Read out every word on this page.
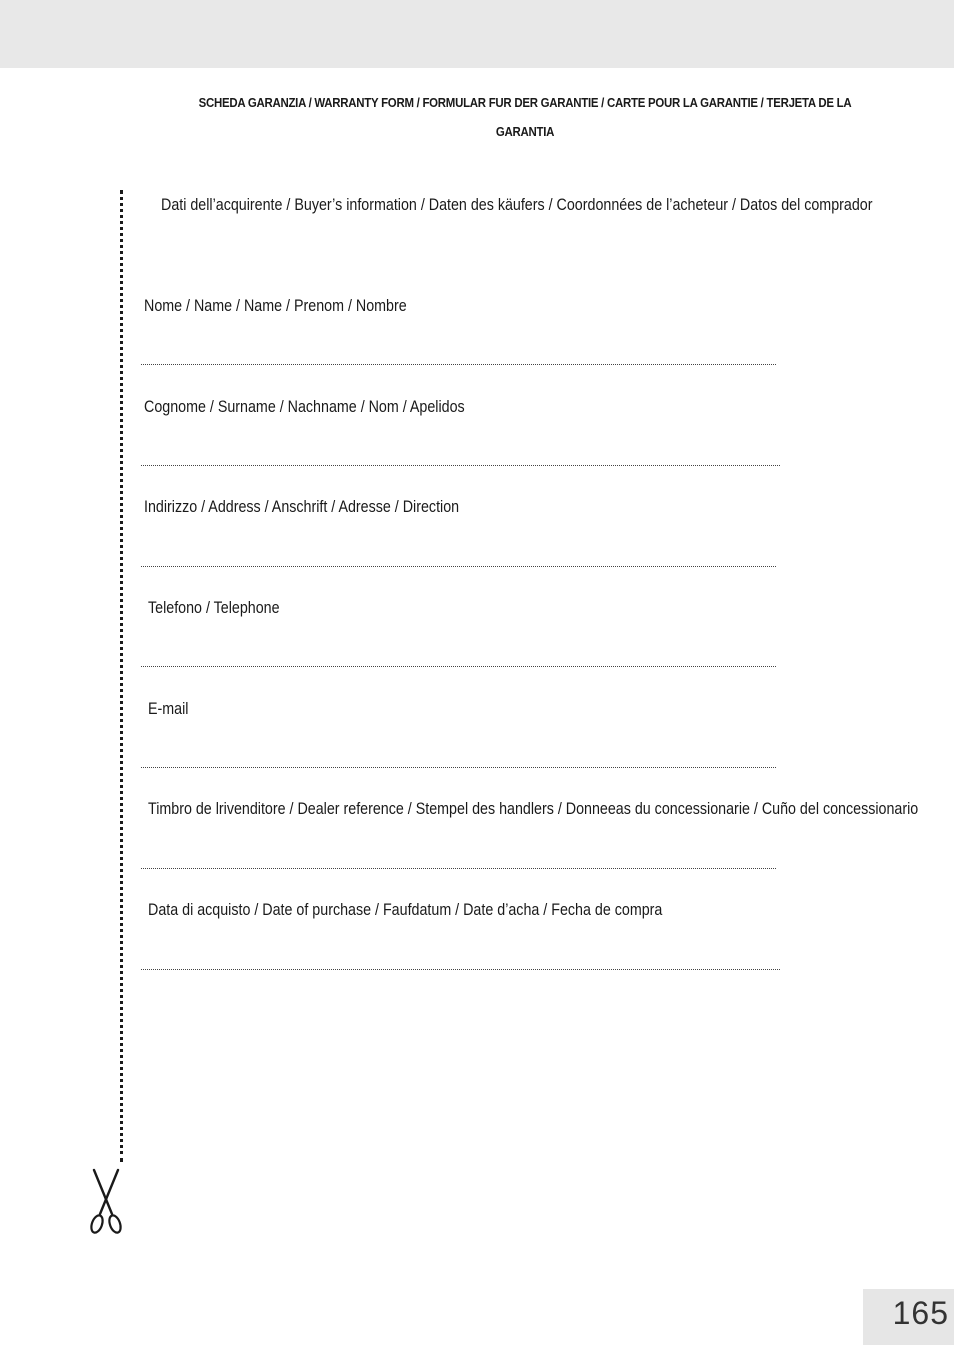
SCHEDA GARANZIA / WARRANTY FORM / FORMULAR FUR DER GARANTIE / CARTE POUR LA GARANTIE / TERJETA DE LA GARANTIA
Dati dell’acquirente / Buyer’s information / Daten des käufers / Coordonnées de l’acheteur / Datos del comprador
Nome / Name / Name / Prenom / Nombre
Cognome / Surname / Nachname / Nom / Apelidos
Indirizzo / Address / Anschrift / Adresse / Direction
Telefono / Telephone
E-mail
Timbro de lrivenditore / Dealer reference / Stempel des handlers / Donneeas du concessionarie / Cuño del concessionario
Data di acquisto / Date of purchase / Faufdatum / Date d’acha / Fecha de compra
165
